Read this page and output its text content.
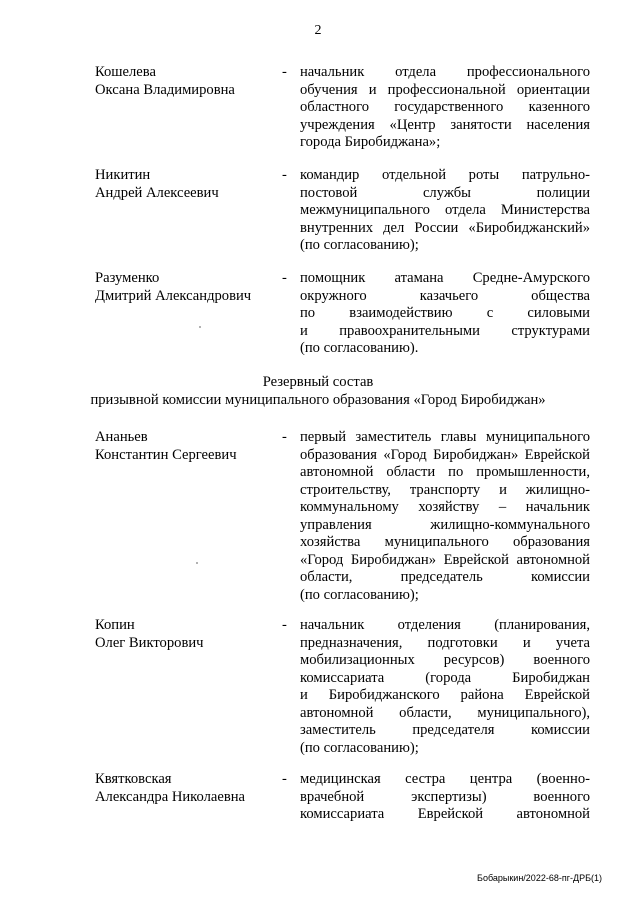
2
Кошелева
Оксана Владимировна
- начальник отдела профессионального
обучения и профессиональной ориентации
областного государственного казенного
учреждения «Центр занятости населения
города Биробиджана»;
Никитин
Андрей Алексеевич
- командир отдельной роты патрульно-
постовой службы полиции
межмуниципального отдела Министерства
внутренних дел России «Биробиджанский»
(по согласованию);
Разуменко
Дмитрий Александрович
- помощник атамана Средне-Амурского
окружного казачьего общества
по взаимодействию с силовыми
и правоохранительными структурами
(по согласованию).
Резервный состав
призывной комиссии муниципального образования «Город Биробиджан»
Ананьев
Константин Сергеевич
- первый заместитель главы муниципального
образования «Город Биробиджан» Еврейской
автономной области по промышленности,
строительству, транспорту и жилищно-
коммунальному хозяйству – начальник
управления жилищно-коммунального
хозяйства муниципального образования
«Город Биробиджан» Еврейской автономной
области, председатель комиссии
(по согласованию);
Копин
Олег Викторович
- начальник отделения (планирования,
предназначения, подготовки и учета
мобилизационных ресурсов) военного
комиссариата (города Биробиджан
и Биробиджанского района Еврейской
автономной области, муниципального),
заместитель председателя комиссии
(по согласованию);
Квятковская
Александра Николаевна
- медицинская сестра центра (военно-
врачебной экспертизы) военного
комиссариата Еврейской автономной
Бобарыкин/2022-68-пг-ДРБ(1)
